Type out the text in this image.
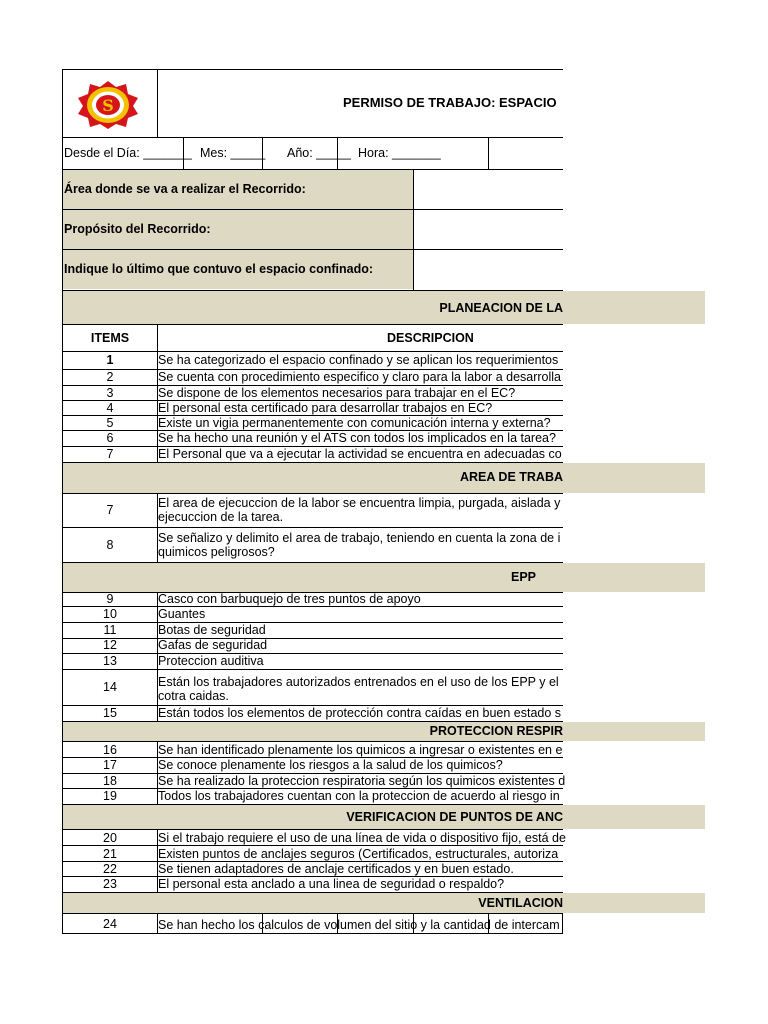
S	PERMISO DE TRABAJO: ESPACIO
Desde el Día: _______ Mes: _____ Año: _____ Hora: _______
Área donde se va a realizar el Recorrido:
Propósito del Recorrido:
Indique lo último que contuvo el espacio confinado:
PLANEACION DE LA
ITEMS	DESCRIPCION
1	Se ha categorizado el espacio confinado y se aplican los requerimientos
2	Se cuenta con procedimiento especifico y claro para la labor a desarrolla
3	Se dispone de los elementos necesarios para trabajar en el EC?
4	El personal esta certificado para desarrollar trabajos en EC?
5	Existe un vigia permanentemente con comunicación interna y externa?
6	Se ha hecho una reunión y el ATS con todos los implicados en la tarea?
7	El Personal que va a ejecutar la actividad se encuentra en adecuadas co
AREA DE TRABA
7	El area de ejecuccion de la labor se encuentra limpia, purgada, aislada y
ejecuccion de la tarea.
8	Se señalizo y delimito el area de trabajo, teniendo en cuenta la zona de i
quimicos peligrosos?
EPP
9	Casco con barbuquejo de tres puntos de apoyo
10	Guantes
11	Botas de seguridad
12	Gafas de seguridad
13	Proteccion auditiva
14	Están los trabajadores autorizados entrenados en el uso de los EPP y el
cotra caidas.
15	Están todos los elementos de protección contra caídas en buen estado s
PROTECCION RESPIR
16	Se han identificado plenamente los quimicos a ingresar o existentes en e
17	Se conoce plenamente los riesgos a la salud de los quimicos?
18	Se ha realizado la proteccion respiratoria según los quimicos existentes d
19	Todos los trabajadores cuentan con la proteccion de acuerdo al riesgo in
VERIFICACION DE PUNTOS DE ANC
20	Si el trabajo requiere el uso de una línea de vida o dispositivo fijo, está de
21	Existen puntos de anclajes seguros (Certificados, estructurales, autoriza
22	Se tienen adaptadores de anclaje certificados y en buen estado.
23	El personal esta anclado a una linea de seguridad o respaldo?
VENTILACION
24	Se han hecho los calculos de volumen del sitio y la cantidad de intercam
